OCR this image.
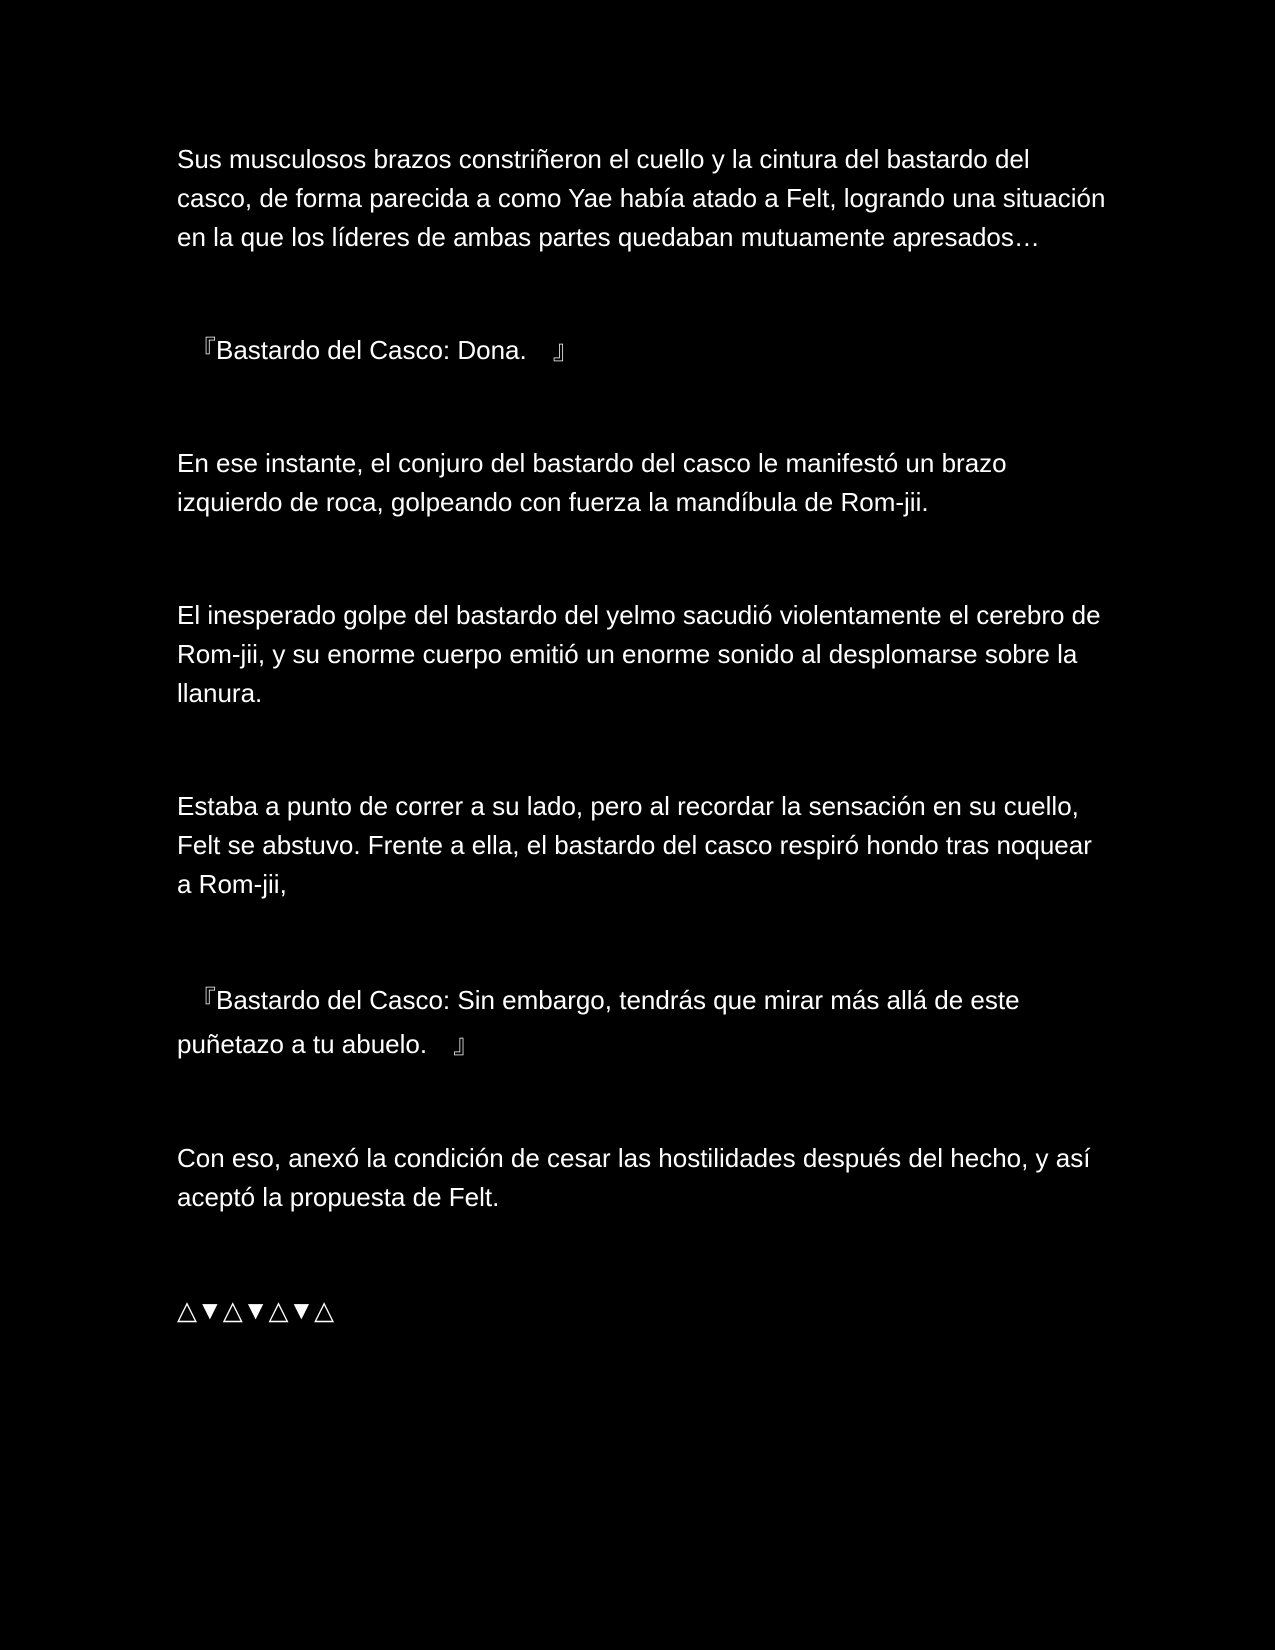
Sus musculosos brazos constriñeron el cuello y la cintura del bastardo del casco, de forma parecida a como Yae había atado a Felt, logrando una situación en la que los líderes de ambas partes quedaban mutuamente apresados…

　『Bastardo del Casco: Dona.　』

En ese instante, el conjuro del bastardo del casco le manifestó un brazo izquierdo de roca, golpeando con fuerza la mandíbula de Rom-jii.

El inesperado golpe del bastardo del yelmo sacudió violentamente el cerebro de Rom-jii, y su enorme cuerpo emitió un enorme sonido al desplomarse sobre la llanura.

Estaba a punto de correr a su lado, pero al recordar la sensación en su cuello, Felt se abstuvo. Frente a ella, el bastardo del casco respiró hondo tras noquear a Rom-jii,

　『Bastardo del Casco: Sin embargo, tendrás que mirar más allá de este puñetazo a tu abuelo.　』

Con eso, anexó la condición de cesar las hostilidades después del hecho, y así aceptó la propuesta de Felt.

△▼△▼△▼△
